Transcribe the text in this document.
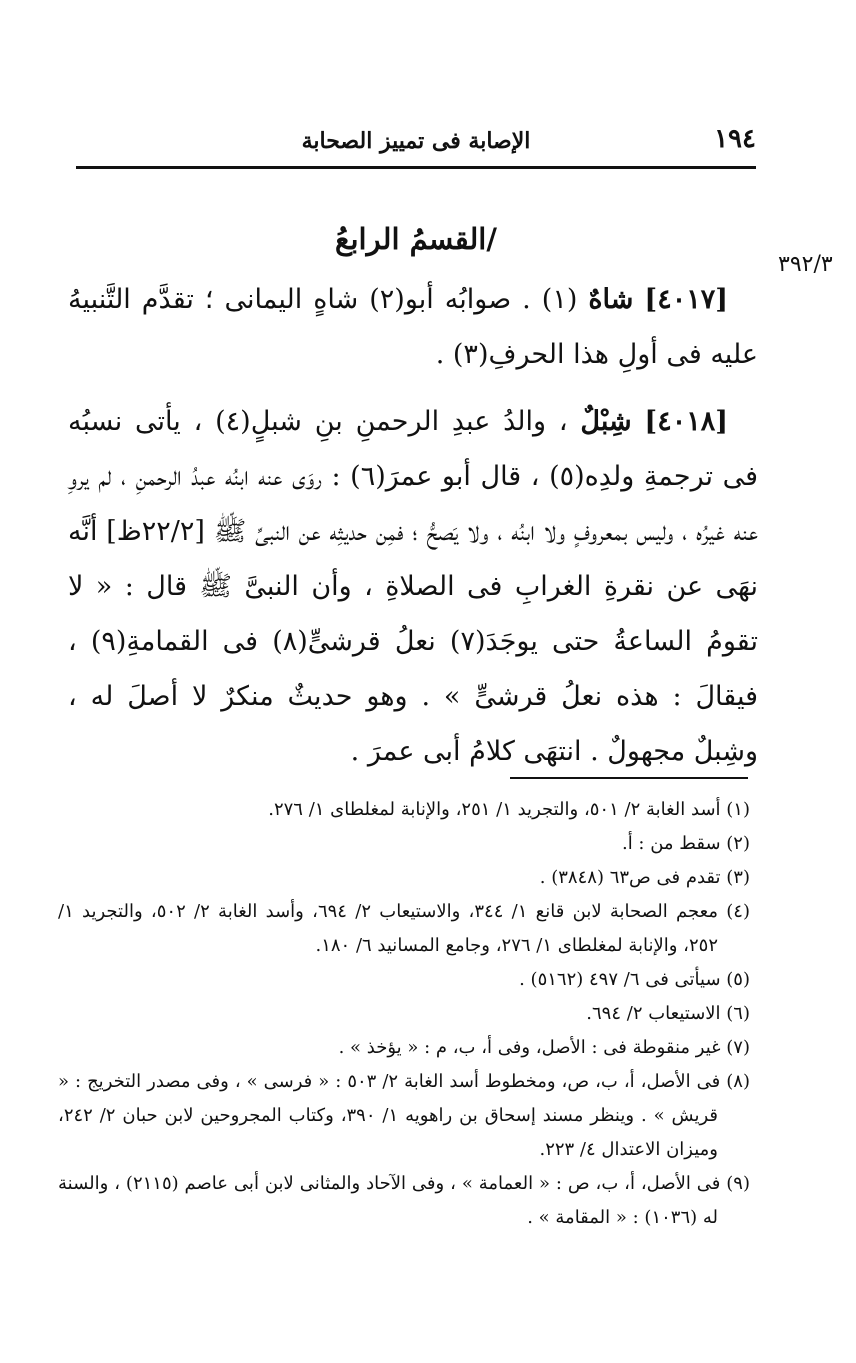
١٩٤
الإصابة فى تمييز الصحابة
٣٩٢/٣
/القسمُ الرابعُ

[٤٠١٧] شاهٌ (١) . صوابُه أبو(٢) شاهٍ اليمانى ؛ تقدَّم التَّنبيهُ عليه فى أولِ هذا الحرفِ(٣) .

[٤٠١٨] شِبْلٌ ، والدُ عبدِ الرحمنِ بنِ شبلٍ(٤) ، يأتى نسبُه فى ترجمةِ ولدِه(٥) ، قال أبو عمرَ(٦) : روَى عنه ابنُه عبدُ الرحمنِ ، لم يروِ عنه غيرُه ، وليس بمعروفٍ ولا ابنُه ، ولا يَصحُّ ؛ فمِن حديثِه عن النبىِّ ﷺ [٢٢/٢ظ] أنَّه نهَى عن نقرةِ الغرابِ فى الصلاةِ ، وأن النبىَّ ﷺ قال : « لا تقومُ الساعةُ حتى يوجَدَ(٧) نعلُ قرشىٍّ(٨) فى القمامةِ(٩) ، فيقالَ : هذه نعلُ قرشىٍّ » . وهو حديثٌ منكرٌ لا أصلَ له ، وشِبلٌ مجهولٌ . انتهَى كلامُ أبى عمرَ .

(١) أسد الغابة ٢/ ٥٠١، والتجريد ١/ ٢٥١، والإنابة لمغلطاى ١/ ٢٧٦.

(٢) سقط من : أ.

(٣) تقدم فى ص٦٣ (٣٨٤٨) .

(٤) معجم الصحابة لابن قانع ١/ ٣٤٤، والاستيعاب ٢/ ٦٩٤، وأسد الغابة ٢/ ٥٠٢، والتجريد ١/ ٢٥٢، والإنابة لمغلطاى ١/ ٢٧٦، وجامع المسانيد ٦/ ١٨٠.

(٥) سيأتى فى ٦/ ٤٩٧ (٥١٦٢) .

(٦) الاستيعاب ٢/ ٦٩٤.

(٧) غير منقوطة فى : الأصل، وفى أ، ب، م : « يؤخذ » .

(٨) فى الأصل، أ، ب، ص، ومخطوط أسد الغابة ٢/ ٥٠٣ : « فرسى » ، وفى مصدر التخريج : « قريش » . وينظر مسند إسحاق بن راهويه ١/ ٣٩٠، وكتاب المجروحين لابن حبان ٢/ ٢٤٢، وميزان الاعتدال ٤/ ٢٢٣.

(٩) فى الأصل، أ، ب، ص : « العمامة » ، وفى الآحاد والمثانى لابن أبى عاصم (٢١١٥) ، والسنة له (١٠٣٦) : « المقامة » .
